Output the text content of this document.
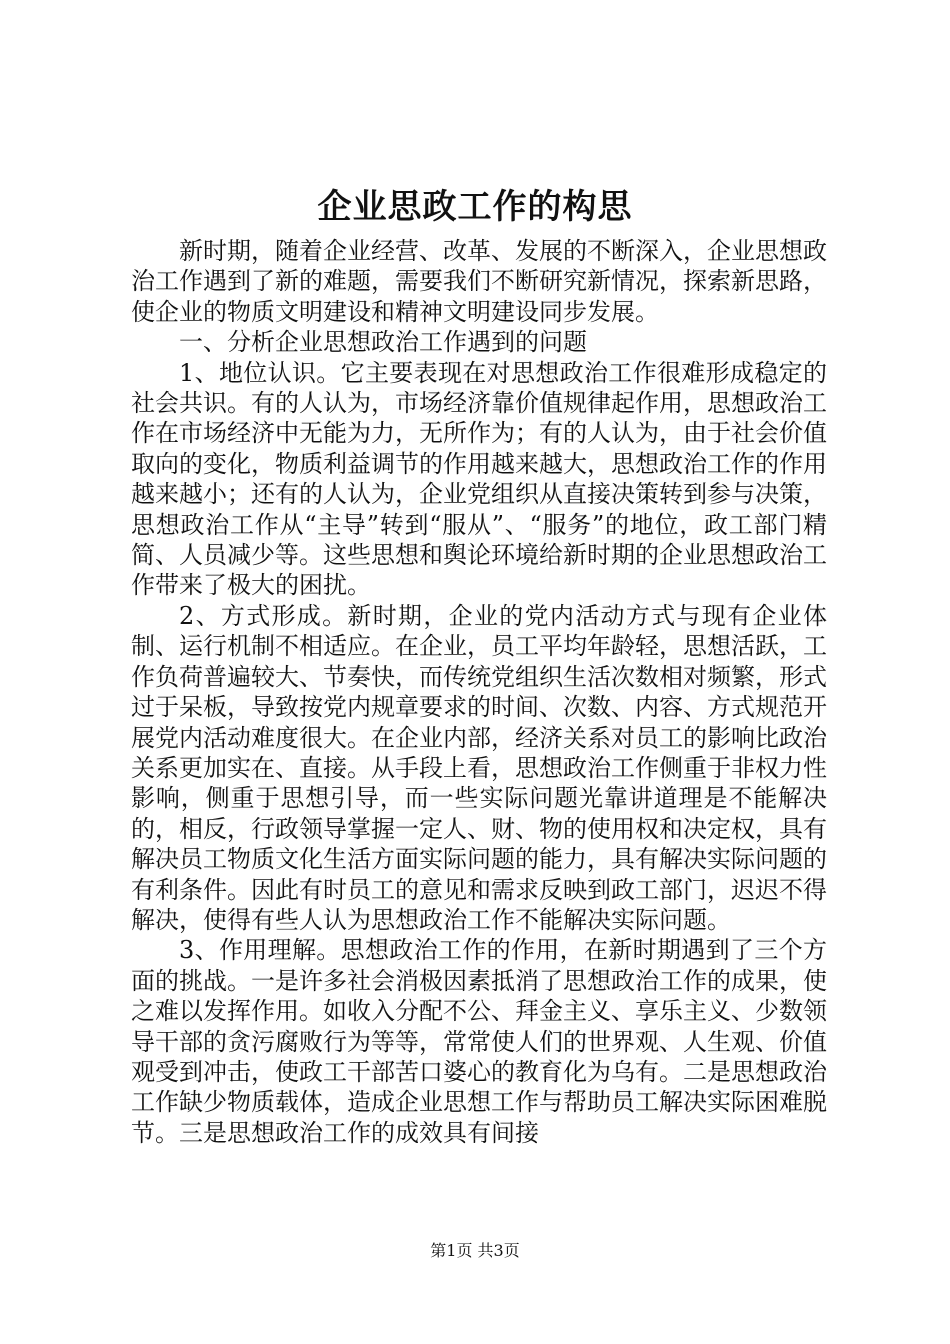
企业思政工作的构思

新时期，随着企业经营、改革、发展的不断深入，企业思想政治工作遇到了新的难题，需要我们不断研究新情况，探索新思路，使企业的物质文明建设和精神文明建设同步发展。

一、分析企业思想政治工作遇到的问题

1、地位认识。它主要表现在对思想政治工作很难形成稳定的社会共识。有的人认为，市场经济靠价值规律起作用，思想政治工作在市场经济中无能为力，无所作为；有的人认为，由于社会价值取向的变化，物质利益调节的作用越来越大，思想政治工作的作用越来越小；还有的人认为，企业党组织从直接决策转到参与决策，思想政治工作从“主导”转到“服从”、“服务”的地位，政工部门精简、人员减少等。这些思想和舆论环境给新时期的企业思想政治工作带来了极大的困扰。

2、方式形成。新时期，企业的党内活动方式与现有企业体制、运行机制不相适应。在企业，员工平均年龄轻，思想活跃，工作负荷普遍较大、节奏快，而传统党组织生活次数相对频繁，形式过于呆板，导致按党内规章要求的时间、次数、内容、方式规范开展党内活动难度很大。在企业内部，经济关系对员工的影响比政治关系更加实在、直接。从手段上看，思想政治工作侧重于非权力性影响，侧重于思想引导，而一些实际问题光靠讲道理是不能解决的，相反，行政领导掌握一定人、财、物的使用权和决定权，具有解决员工物质文化生活方面实际问题的能力，具有解决实际问题的有利条件。因此有时员工的意见和需求反映到政工部门，迟迟不得解决，使得有些人认为思想政治工作不能解决实际问题。

3、作用理解。思想政治工作的作用，在新时期遇到了三个方面的挑战。一是许多社会消极因素抵消了思想政治工作的成果，使之难以发挥作用。如收入分配不公、拜金主义、享乐主义、少数领导干部的贪污腐败行为等等，常常使人们的世界观、人生观、价值观受到冲击，使政工干部苦口婆心的教育化为乌有。二是思想政治工作缺少物质载体，造成企业思想工作与帮助员工解决实际困难脱节。三是思想政治工作的成效具有间接

第1页 共3页
